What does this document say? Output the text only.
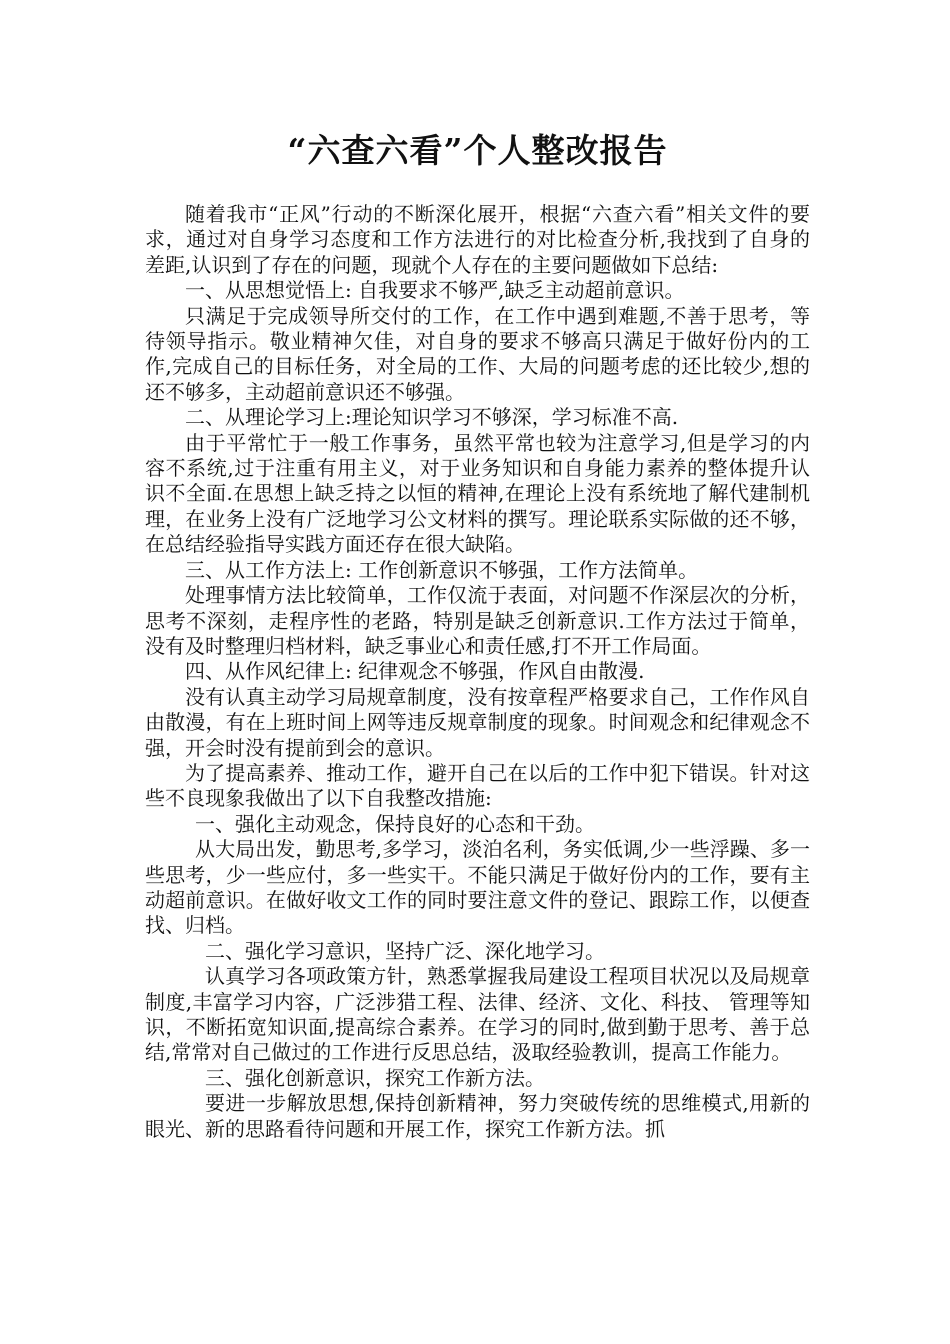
“六查六看”个人整改报告

随着我市“正风”行动的不断深化展开，根据“六查六看”相关文件的要求，通过对自身学习态度和工作方法进行的对比检查分析,我找到了自身的差距,认识到了存在的问题，现就个人存在的主要问题做如下总结:

一、从思想觉悟上: 自我要求不够严,缺乏主动超前意识。

只满足于完成领导所交付的工作，在工作中遇到难题,不善于思考，等待领导指示。敬业精神欠佳，对自身的要求不够高只满足于做好份内的工作,完成自己的目标任务，对全局的工作、大局的问题考虑的还比较少,想的还不够多，主动超前意识还不够强。

二、从理论学习上:理论知识学习不够深，学习标准不高.

由于平常忙于一般工作事务，虽然平常也较为注意学习,但是学习的内容不系统,过于注重有用主义，对于业务知识和自身能力素养的整体提升认识不全面.在思想上缺乏持之以恒的精神,在理论上没有系统地了解代建制机理，在业务上没有广泛地学习公文材料的撰写。理论联系实际做的还不够，在总结经验指导实践方面还存在很大缺陷。

三、从工作方法上: 工作创新意识不够强，工作方法简单。

处理事情方法比较简单，工作仅流于表面，对问题不作深层次的分析，思考不深刻，走程序性的老路，特别是缺乏创新意识.工作方法过于简单，没有及时整理归档材料，缺乏事业心和责任感,打不开工作局面。

四、从作风纪律上: 纪律观念不够强，作风自由散漫.

没有认真主动学习局规章制度，没有按章程严格要求自己，工作作风自由散漫，有在上班时间上网等违反规章制度的现象。时间观念和纪律观念不强，开会时没有提前到会的意识。

为了提高素养、推动工作，避开自己在以后的工作中犯下错误。针对这些不良现象我做出了以下自我整改措施:

一、强化主动观念，保持良好的心态和干劲。

从大局出发，勤思考,多学习，淡泊名利，务实低调,少一些浮躁、多一些思考，少一些应付，多一些实干。不能只满足于做好份内的工作，要有主动超前意识。在做好收文工作的同时要注意文件的登记、跟踪工作，以便查找、归档。

二、强化学习意识，坚持广泛、深化地学习。

认真学习各项政策方针，熟悉掌握我局建设工程项目状况以及局规章制度,丰富学习内容，广泛涉猎工程、法律、经济、文化、科技、 管理等知识，不断拓宽知识面,提高综合素养。在学习的同时,做到勤于思考、善于总结,常常对自己做过的工作进行反思总结，汲取经验教训，提高工作能力。

三、强化创新意识，探究工作新方法。

要进一步解放思想,保持创新精神，努力突破传统的思维模式,用新的眼光、新的思路看待问题和开展工作，探究工作新方法。抓
